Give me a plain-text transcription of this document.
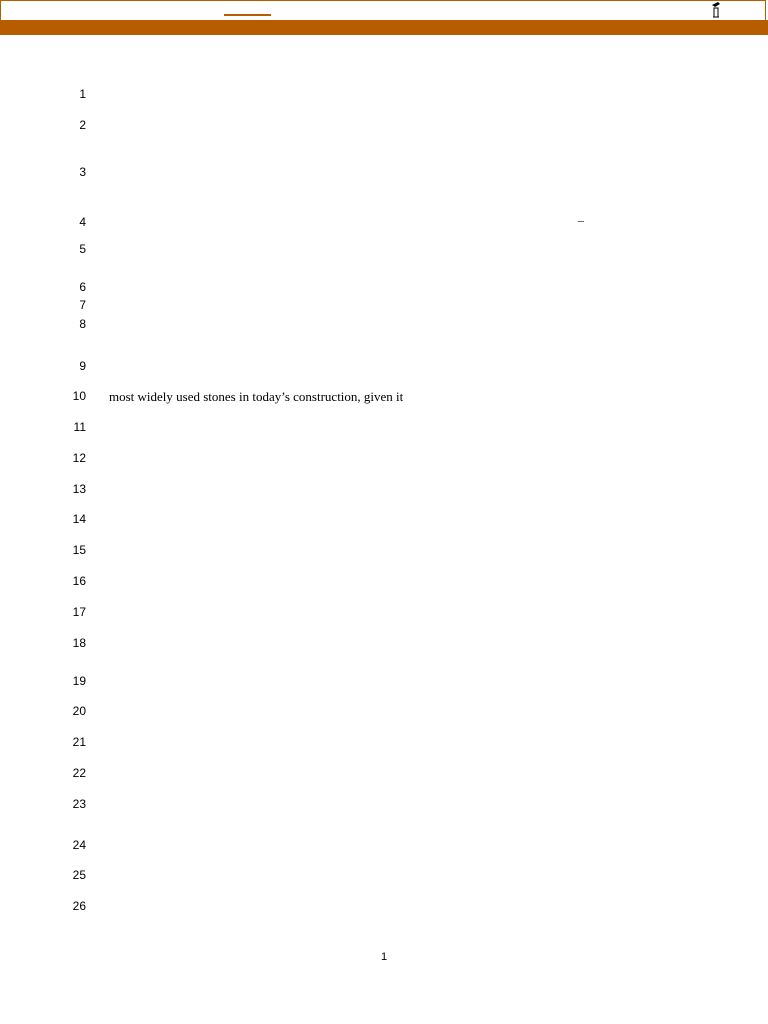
1
2
3
4
5
6
7
8
9
10
11
12
13
14
15
16
17
18
19
20
21
22
23
24
25
26
–
most widely used stones in today’s construction, given it
1
